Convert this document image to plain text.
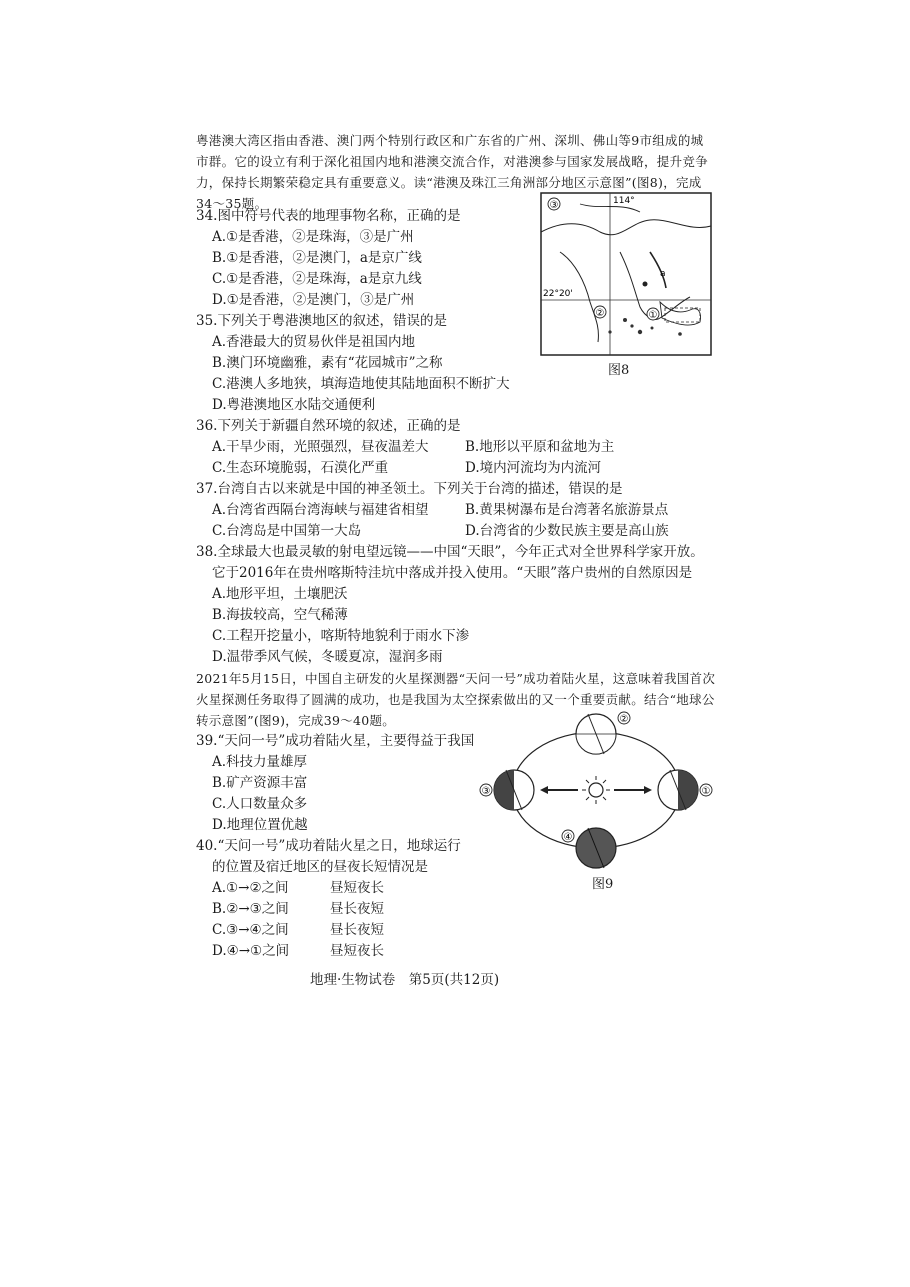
粤港澳大湾区指由香港、澳门两个特别行政区和广东省的广州、深圳、佛山等9市组成的城市群。它的设立有利于深化祖国内地和港澳交流合作，对港澳参与国家发展战略，提升竞争力，保持长期繁荣稳定具有重要意义。读“港澳及珠江三角洲部分地区示意图”(图8)，完成34～35题。
34.图中符号代表的地理事物名称，正确的是
A.①是香港，②是珠海，③是广州
B.①是香港，②是澳门，a是京广线
C.①是香港，②是珠海，a是京九线
D.①是香港，②是澳门，③是广州
35.下列关于粤港澳地区的叙述，错误的是
A.香港最大的贸易伙伴是祖国内地
B.澳门环境幽雅，素有“花园城市”之称
C.港澳人多地狭，填海造地使其陆地面积不断扩大
D.粤港澳地区水陆交通便利
③	114°
22°20'
②	①
a
图8
36.下列关于新疆自然环境的叙述，正确的是
A.干旱少雨，光照强烈，昼夜温差大	B.地形以平原和盆地为主
C.生态环境脆弱，石漠化严重	D.境内河流均为内流河
37.台湾自古以来就是中国的神圣领土。下列关于台湾的描述，错误的是
A.台湾省西隔台湾海峡与福建省相望	B.黄果树瀑布是台湾著名旅游景点
C.台湾岛是中国第一大岛	D.台湾省的少数民族主要是高山族
38.全球最大也最灵敏的射电望远镜——中国“天眼”，今年正式对全世界科学家开放。
它于2016年在贵州喀斯特洼坑中落成并投入使用。“天眼”落户贵州的自然原因是
A.地形平坦，土壤肥沃
B.海拔较高，空气稀薄
C.工程开挖量小，喀斯特地貌利于雨水下渗
D.温带季风气候，冬暖夏凉，湿润多雨
2021年5月15日，中国自主研发的火星探测器“天问一号”成功着陆火星，这意味着我国首次火星探测任务取得了圆满的成功，也是我国为太空探索做出的又一个重要贡献。结合“地球公转示意图”(图9)，完成39～40题。
39.“天问一号”成功着陆火星，主要得益于我国
A.科技力量雄厚
B.矿产资源丰富
C.人口数量众多
D.地理位置优越
40.“天问一号”成功着陆火星之日，地球运行
的位置及宿迁地区的昼夜长短情况是
A.①→②之间	昼短夜长
B.②→③之间	昼长夜短
C.③→④之间	昼长夜短
D.④→①之间	昼短夜长
③	①
②
④
图9
地理·生物试卷　第5页(共12页)
